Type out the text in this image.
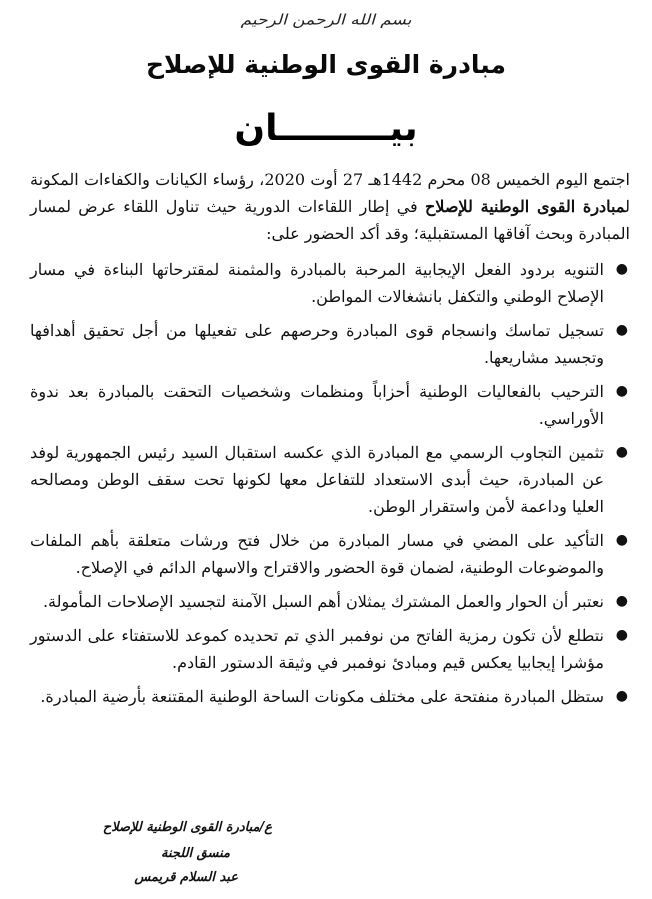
بسم الله الرحمن الرحيم
مبادرة القوى الوطنية للإصلاح
بيـــــــــان
اجتمع اليوم الخميس 08 محرم 1442هـ 27 أوت 2020، رؤساء الكيانات والكفاءات المكونة لمبادرة القوى الوطنية للإصلاح في إطار اللقاءات الدورية حيث تناول اللقاء عرض لمسار المبادرة وبحث آفاقها المستقبلية؛ وقد أكد الحضور على:
●
التنويه بردود الفعل الإيجابية المرحبة بالمبادرة والمثمنة لمقترحاتها البناءة في مسار الإصلاح الوطني والتكفل بانشغالات المواطن.
●
تسجيل تماسك وانسجام قوى المبادرة وحرصهم على تفعيلها من أجل تحقيق أهدافها وتجسيد مشاريعها.
●
الترحيب بالفعاليات الوطنية أحزاباً ومنظمات وشخصيات التحقت بالمبادرة بعد ندوة الأوراسي.
●
تثمين التجاوب الرسمي مع المبادرة الذي عكسه استقبال السيد رئيس الجمهورية لوفد عن المبادرة، حيث أبدى الاستعداد للتفاعل معها لكونها تحت سقف الوطن ومصالحه العليا وداعمة لأمن واستقرار الوطن.
●
التأكيد على المضي في مسار المبادرة من خلال فتح ورشات متعلقة بأهم الملفات والموضوعات الوطنية، لضمان قوة الحضور والاقتراح والاسهام الدائم في الإصلاح.
●
نعتبر أن الحوار والعمل المشترك يمثلان أهم السبل الآمنة لتجسيد الإصلاحات المأمولة.
●
نتطلع لأن تكون رمزية الفاتح من نوفمبر الذي تم تحديده كموعد للاستفتاء على الدستور مؤشرا إيجابيا يعكس قيم ومبادئ نوفمبر في وثيقة الدستور القادم.
●
ستظل المبادرة منفتحة على مختلف مكونات الساحة الوطنية المقتنعة بأرضية المبادرة.
ع/مبادرة القوى الوطنية للإصلاح
منسق اللجنة
عبد السلام قريمس
